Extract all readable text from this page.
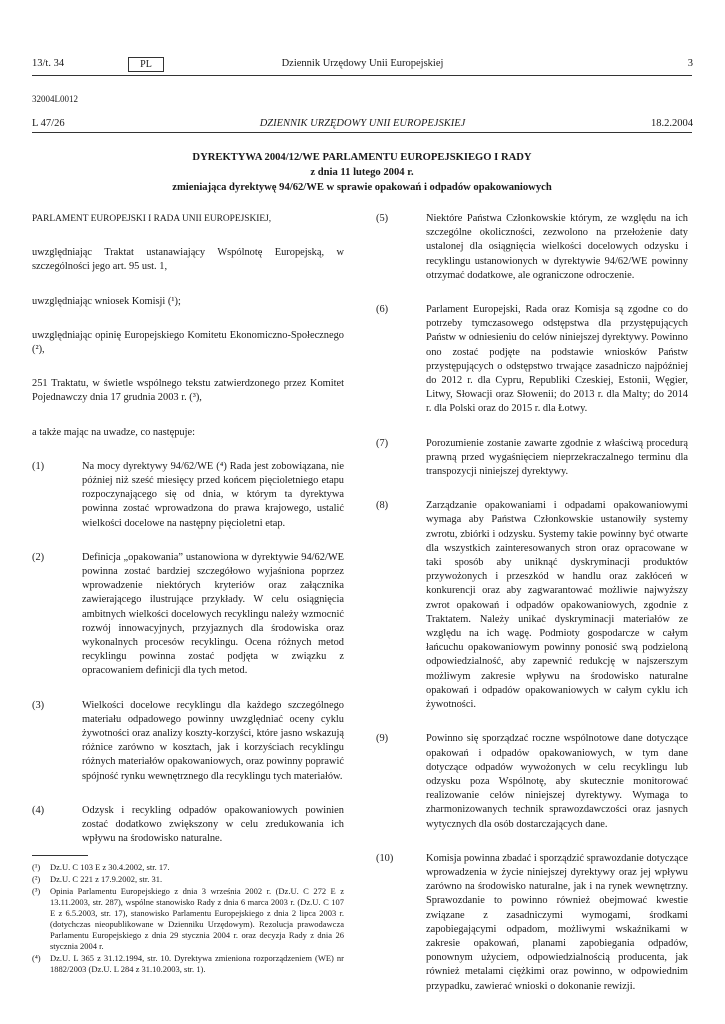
13/t. 34	PL	Dziennik Urzędowy Unii Europejskiej	3
32004L0012
L 47/26	DZIENNIK URZĘDOWY UNII EUROPEJSKIEJ	18.2.2004
DYREKTYWA 2004/12/WE PARLAMENTU EUROPEJSKIEGO I RADY
z dnia 11 lutego 2004 r.
zmieniająca dyrektywę 94/62/WE w sprawie opakowań i odpadów opakowaniowych

PARLAMENT EUROPEJSKI I RADA UNII EUROPEJSKIEJ,

uwzględniając Traktat ustanawiający Wspólnotę Europejską, w szczególności jego art. 95 ust. 1,

uwzględniając wniosek Komisji (¹);

uwzględniając opinię Europejskiego Komitetu Ekonomiczno-Społecznego (²),

251 Traktatu, w świetle wspólnego tekstu zatwierdzonego przez Komitet Pojednawczy dnia 17 grudnia 2003 r. (³),

a także mając na uwadze, co następuje:

(1)	Na mocy dyrektywy 94/62/WE (⁴) Rada jest zobowiązana, nie później niż sześć miesięcy przed końcem pięcioletniego etapu rozpoczynającego się od dnia, w którym ta dyrektywa powinna zostać wprowadzona do prawa krajowego, ustalić wielkości docelowe na następny pięcioletni etap.
(2)	Definicja „opakowania” ustanowiona w dyrektywie 94/62/WE powinna zostać bardziej szczegółowo wyjaśniona poprzez wprowadzenie niektórych kryteriów oraz załącznika zawierającego ilustrujące przykłady. W celu osiągnięcia ambitnych wielkości docelowych recyklingu należy wzmocnić rozwój innowacyjnych, przyjaznych dla środowiska oraz wykonalnych procesów recyklingu. Ocena różnych metod recyklingu powinna zostać podjęta w związku z opracowaniem definicji dla tych metod.
(3)	Wielkości docelowe recyklingu dla każdego szczególnego materiału odpadowego powinny uwzględniać oceny cyklu żywotności oraz analizy koszty-korzyści, które jasno wskazują różnice zarówno w kosztach, jak i korzyściach recyklingu różnych materiałów opakowaniowych, oraz powinny poprawić spójność rynku wewnętrznego dla recyklingu tych materiałów.
(4)	Odzysk i recykling odpadów opakowaniowych powinien zostać dodatkowo zwiększony w celu zredukowania ich wpływu na środowisko naturalne.
(¹)	Dz.U. C 103 E z 30.4.2002, str. 17.
(²)	Dz.U. C 221 z 17.9.2002, str. 31.
(³)	Opinia Parlamentu Europejskiego z dnia 3 września 2002 r. (Dz.U. C 272 E z 13.11.2003, str. 287), wspólne stanowisko Rady z dnia 6 marca 2003 r. (Dz.U. C 107 E z 6.5.2003, str. 17), stanowisko Parlamentu Europejskiego z dnia 2 lipca 2003 r. (dotychczas nieopublikowane w Dzienniku Urzędowym). Rezolucja prawodawcza Parlamentu Europejskiego z dnia 29 stycznia 2004 r. oraz decyzja Rady z dnia 26 stycznia 2004 r.
(⁴)	Dz.U. L 365 z 31.12.1994, str. 10. Dyrektywa zmieniona rozporządzeniem (WE) nr 1882/2003 (Dz.U. L 284 z 31.10.2003, str. 1).
(5)	Niektóre Państwa Członkowskie którym, ze względu na ich szczególne okoliczności, zezwolono na przełożenie daty ustalonej dla osiągnięcia wielkości docelowych odzysku i recyklingu ustanowionych w dyrektywie 94/62/WE powinny otrzymać dodatkowe, ale ograniczone odroczenie.
(6)	Parlament Europejski, Rada oraz Komisja są zgodne co do potrzeby tymczasowego odstępstwa dla przystępujących Państw w odniesieniu do celów niniejszej dyrektywy. Powinno ono zostać podjęte na podstawie wniosków Państw przystępujących o odstępstwo trwające zasadniczo najpóźniej do 2012 r. dla Cypru, Republiki Czeskiej, Estonii, Węgier, Litwy, Słowacji oraz Słowenii; do 2013 r. dla Malty; do 2014 r. dla Polski oraz do 2015 r. dla Łotwy.
(7)	Porozumienie zostanie zawarte zgodnie z właściwą procedurą prawną przed wygaśnięciem nieprzekraczalnego terminu dla transpozycji niniejszej dyrektywy.
(8)	Zarządzanie opakowaniami i odpadami opakowaniowymi wymaga aby Państwa Członkowskie ustanowiły systemy zwrotu, zbiórki i odzysku. Systemy takie powinny być otwarte dla wszystkich zainteresowanych stron oraz opracowane w taki sposób aby uniknąć dyskryminacji produktów przywożonych i przeszkód w handlu oraz zakłóceń w konkurencji oraz aby zagwarantować możliwie najwyższy zwrot opakowań i odpadów opakowaniowych, zgodnie z Traktatem. Należy unikać dyskryminacji materiałów ze względu na ich wagę. Podmioty gospodarcze w całym łańcuchu opakowaniowym powinny ponosić swą podzieloną odpowiedzialność, aby zapewnić redukcję w najszerszym możliwym zakresie wpływu na środowisko naturalne opakowań i odpadów opakowaniowych w całym cyklu ich żywotności.
(9)	Powinno się sporządzać roczne wspólnotowe dane dotyczące opakowań i odpadów opakowaniowych, w tym dane dotyczące odpadów wywożonych w celu recyklingu lub odzysku poza Wspólnotę, aby skutecznie monitorować realizowanie celów niniejszej dyrektywy. Wymaga to zharmonizowanych technik sprawozdawczości oraz jasnych wytycznych dla osób dostarczających dane.
(10)	Komisja powinna zbadać i sporządzić sprawozdanie dotyczące wprowadzenia w życie niniejszej dyrektywy oraz jej wpływu zarówno na środowisko naturalne, jak i na rynek wewnętrzny. Sprawozdanie to powinno również obejmować kwestie związane z zasadniczymi wymogami, środkami zapobiegającymi odpadom, możliwymi wskaźnikami w zakresie opakowań, planami zapobiegania odpadów, ponownym użyciem, odpowiedzialnością producenta, jak również metalami ciężkimi oraz powinno, w odpowiednim przypadku, zawierać wnioski o dokonanie rewizji.
